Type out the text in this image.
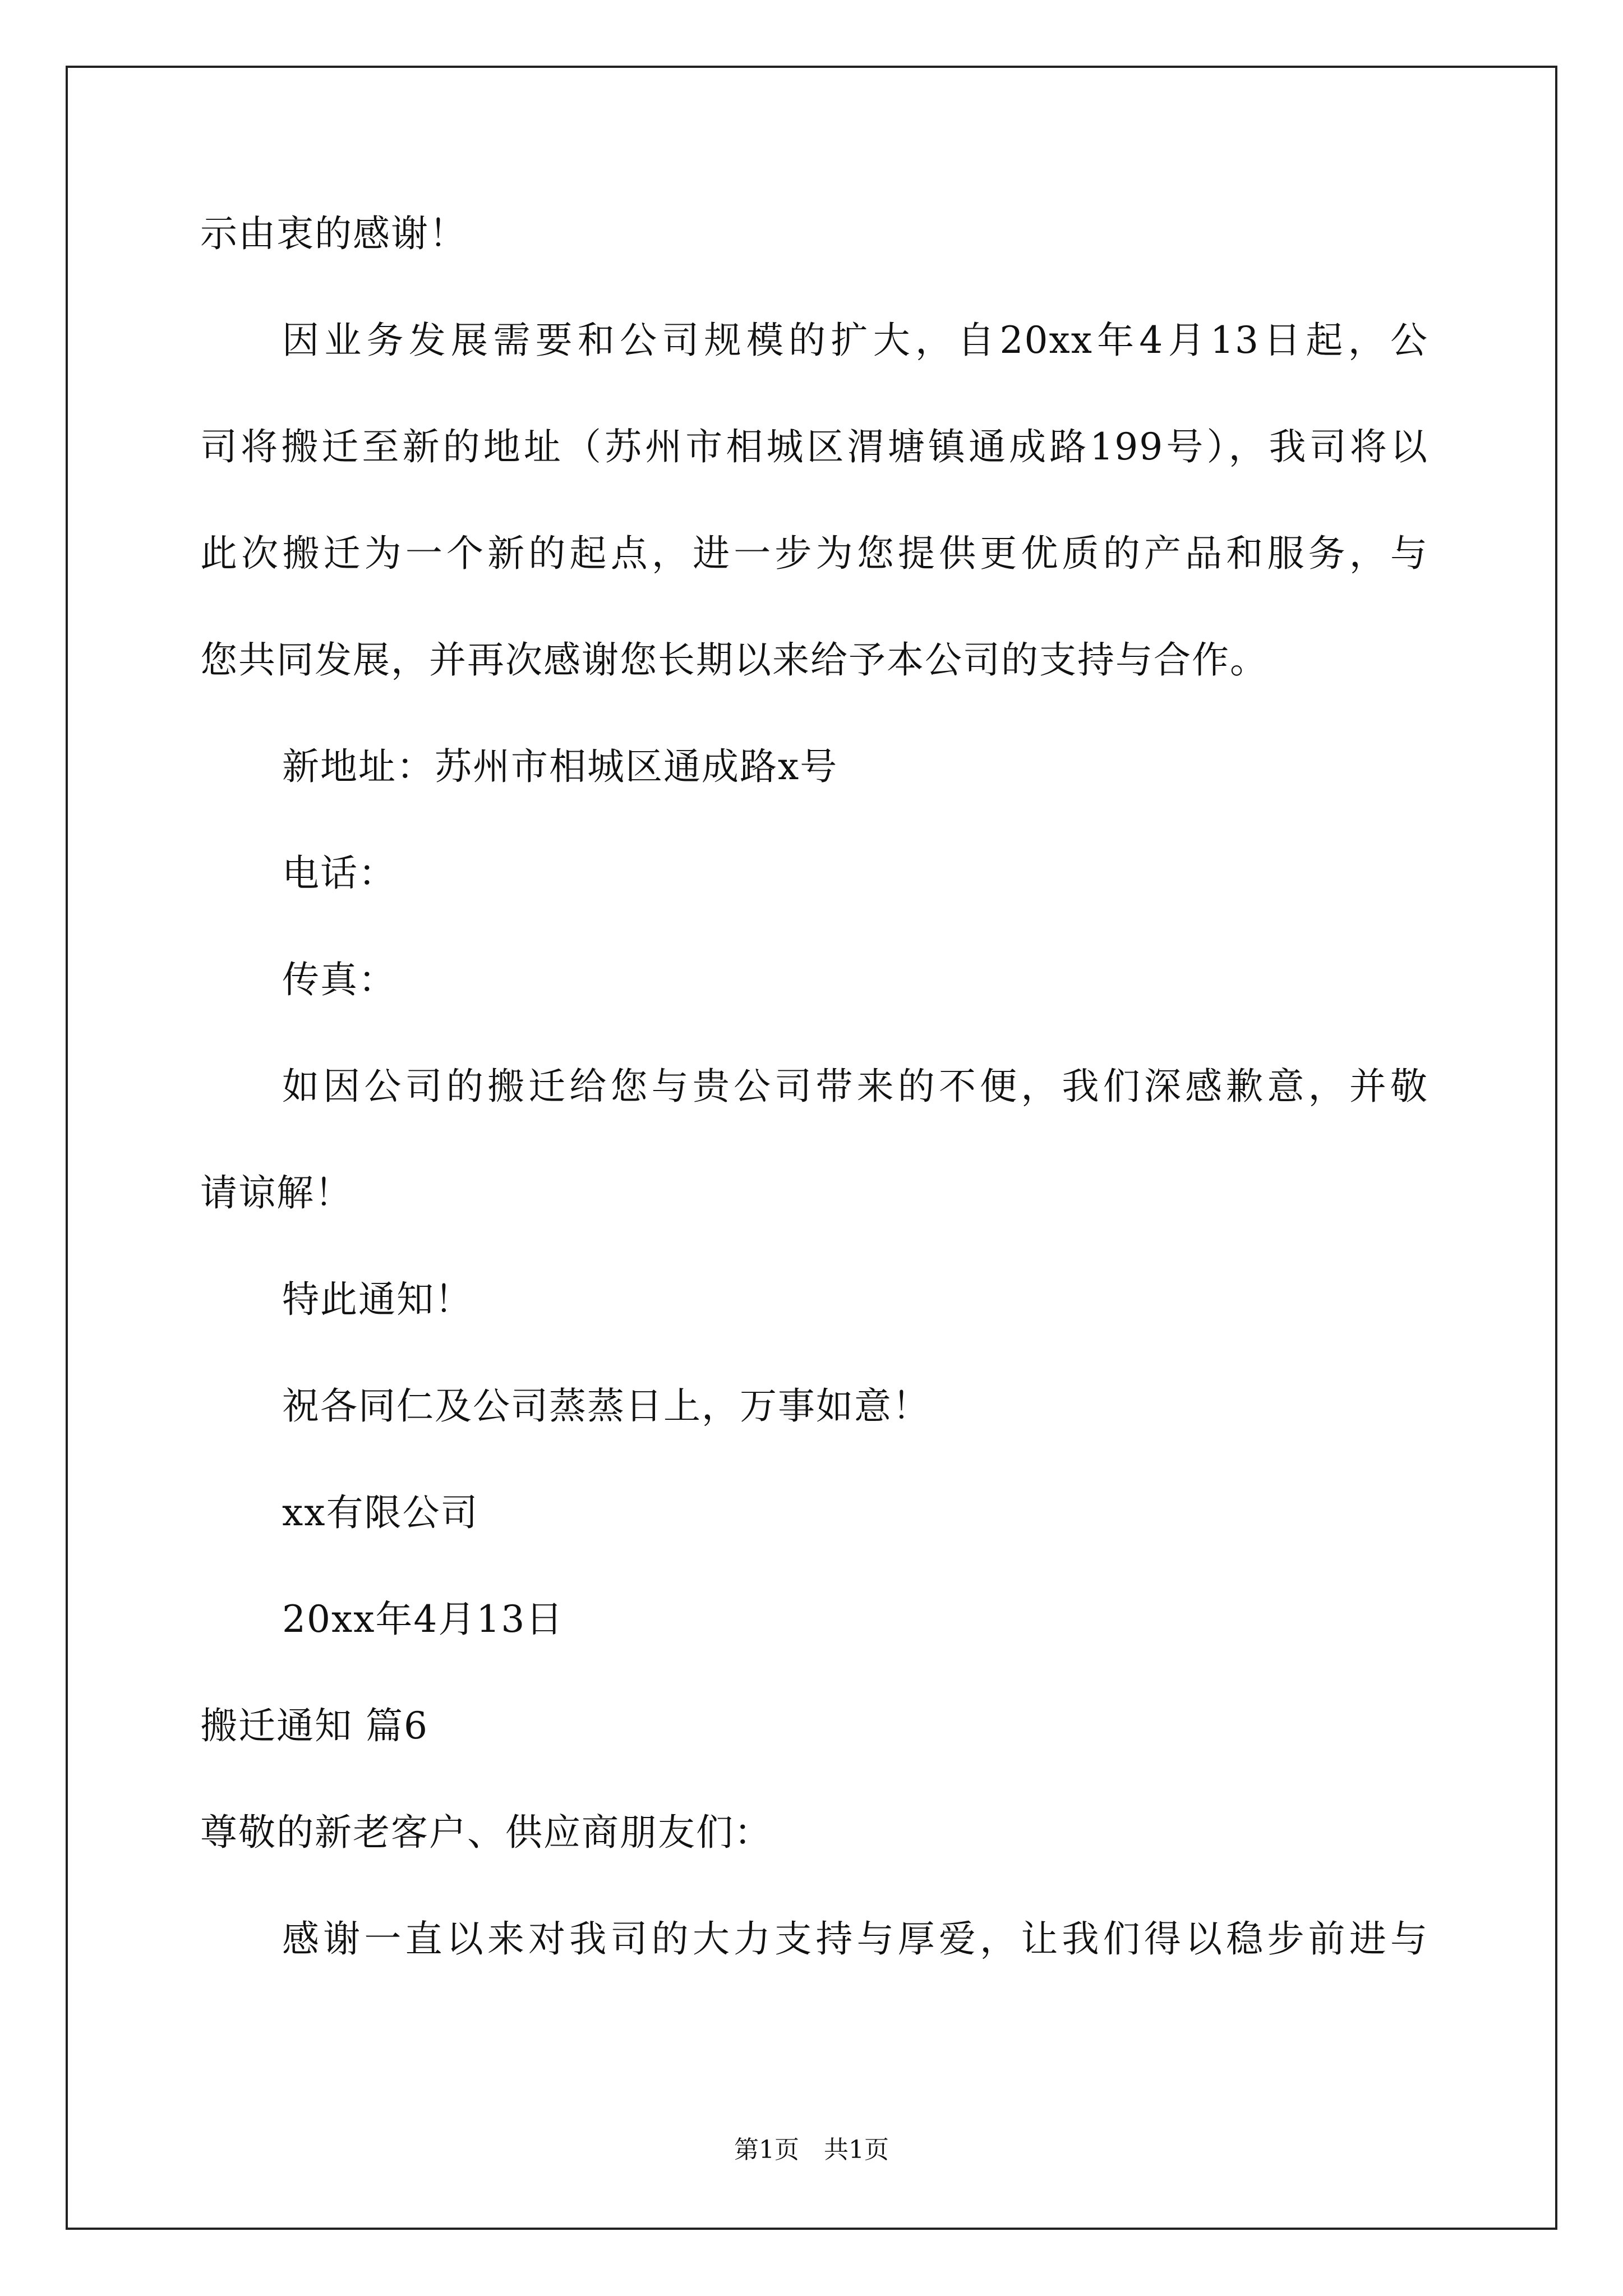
示由衷的感谢！
因业务发展需要和公司规模的扩大，自20xx年4月13日起，公
司将搬迁至新的地址（苏州市相城区渭塘镇通成路199号），我司将以
此次搬迁为一个新的起点，进一步为您提供更优质的产品和服务，与
您共同发展，并再次感谢您长期以来给予本公司的支持与合作。
新地址：苏州市相城区通成路x号
电话：
传真：
如因公司的搬迁给您与贵公司带来的不便，我们深感歉意，并敬
请谅解！
特此通知！
祝各同仁及公司蒸蒸日上，万事如意！
xx有限公司
20xx年4月13日
搬迁通知 篇6
尊敬的新老客户、供应商朋友们：
感谢一直以来对我司的大力支持与厚爱，让我们得以稳步前进与
第1页　共1页
